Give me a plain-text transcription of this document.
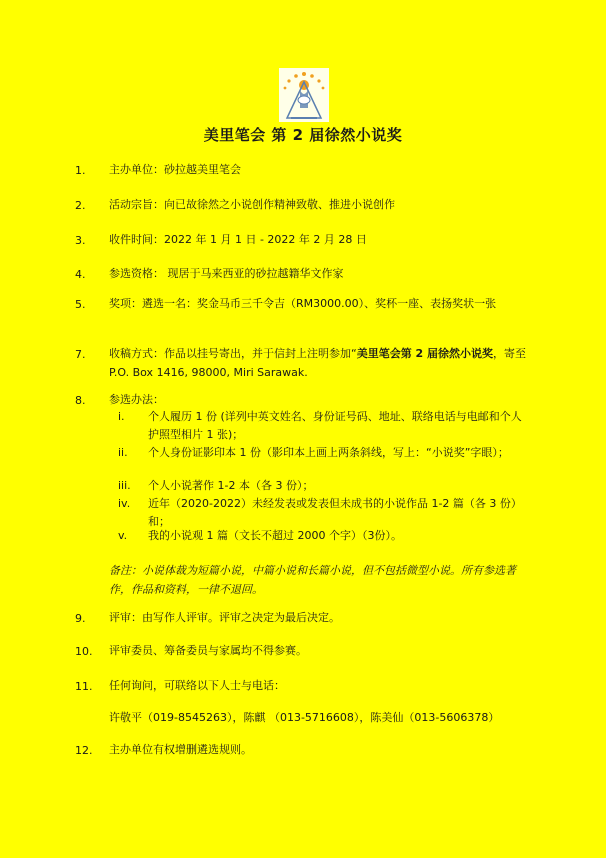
美里笔会 第 2 届徐然小说奖
1. 主办单位：砂拉越美里笔会
2. 活动宗旨：向已故徐然之小说创作精神致敬、推进小说创作
3. 收件时间：2022 年 1 月 1 日 - 2022 年 2 月 28 日
4. 参选资格： 现居于马来西亚的砂拉越籍华文作家
5. 奖项：遴选一名：奖金马币三千令吉（RM3000.00）、奖杯一座、表扬奖状一张
7. 收稿方式：作品以挂号寄出，并于信封上注明参加“美里笔会第 2 届徐然小说奖，寄至 P.O. Box 1416, 98000, Miri Sarawak.
8. 参选办法：
i.	个人履历 1 份 (详列中英文姓名、身份证号码、地址、联络电话与电邮和个人护照型相片 1 张)；
ii.	个人身份证影印本 1 份（影印本上画上两条斜线，写上：“小说奖”字眼）；
iii.	个人小说著作 1-2 本（各 3 份）；
iv.	近年（2020-2022）未经发表或发表但未成书的小说作品 1-2 篇（各 3 份）和；
v.	我的小说观 1 篇（文长不超过 2000 个字）（3份）。
备注：小说体裁为短篇小说，中篇小说和长篇小说，但不包括微型小说。所有参选著作，作品和资料，一律不退回。
9. 评审：由写作人评审。评审之决定为最后决定。
10. 评审委员、筹备委员与家属均不得参赛。
11. 任何询问，可联络以下人士与电话：
许敬平（019-8545263），陈麒 （013-5716608），陈美仙（013-5606378）
12. 主办单位有权增删遴选规则。
